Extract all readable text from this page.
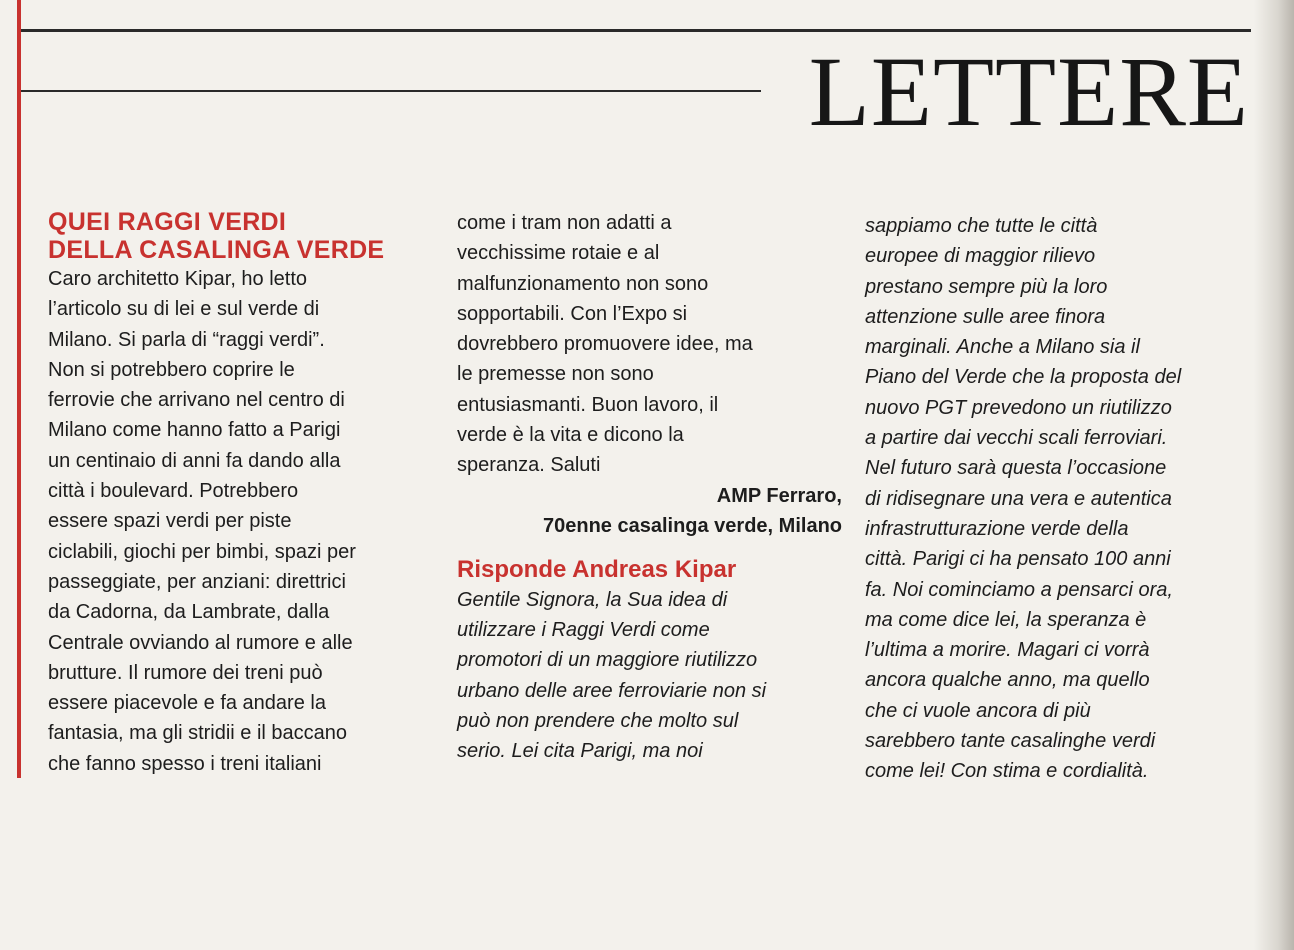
LETTERE
QUEI RAGGI VERDI
DELLA CASALINGA VERDE

Caro architetto Kipar, ho letto

l’articolo su di lei e sul verde di

Milano. Si parla di “raggi verdi”.

Non si potrebbero coprire le

ferrovie che arrivano nel centro di

Milano come hanno fatto a Parigi

un centinaio di anni fa dando alla

città i boulevard. Potrebbero

essere spazi verdi per piste

ciclabili, giochi per bimbi, spazi per

passeggiate, per anziani: direttrici

da Cadorna, da Lambrate, dalla

Centrale ovviando al rumore e alle

brutture. Il rumore dei treni può

essere piacevole e fa andare la

fantasia, ma gli stridii e il baccano

che fanno spesso i treni italiani

come i tram non adatti a

vecchissime rotaie e al

malfunzionamento non sono

sopportabili. Con l’Expo si

dovrebbero promuovere idee, ma

le premesse non sono

entusiasmanti. Buon lavoro, il

verde è la vita e dicono la

speranza. Saluti

AMP Ferraro,
70enne casalinga verde, Milano

Risponde Andreas Kipar

Gentile Signora, la Sua idea di

utilizzare i Raggi Verdi come

promotori di un maggiore riutilizzo

urbano delle aree ferroviarie non si

può non prendere che molto sul

serio. Lei cita Parigi, ma noi

sappiamo che tutte le città

europee di maggior rilievo

prestano sempre più la loro

attenzione sulle aree finora

marginali. Anche a Milano sia il

Piano del Verde che la proposta del

nuovo PGT prevedono un riutilizzo

a partire dai vecchi scali ferroviari.

Nel futuro sarà questa l’occasione

di ridisegnare una vera e autentica

infrastrutturazione verde della

città. Parigi ci ha pensato 100 anni

fa. Noi cominciamo a pensarci ora,

ma come dice lei, la speranza è

l’ultima a morire. Magari ci vorrà

ancora qualche anno, ma quello

che ci vuole ancora di più

sarebbero tante casalinghe verdi

come lei! Con stima e cordialità.
